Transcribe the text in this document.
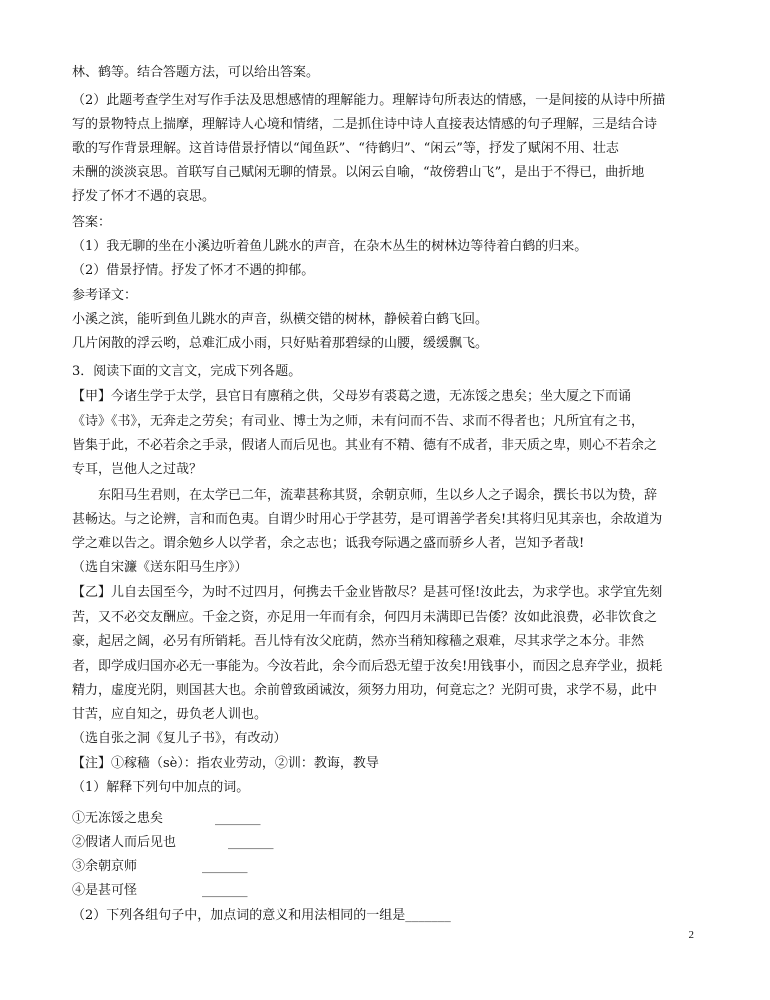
林、鹤等。结合答题方法，可以给出答案。
（2）此题考查学生对写作手法及思想感情的理解能力。理解诗句所表达的情感，一是间接的从诗中所描
写的景物特点上揣摩，理解诗人心境和情绪，二是抓住诗中诗人直接表达情感的句子理解，三是结合诗
歌的写作背景理解。这首诗借景抒情以“闻鱼跃”、“待鹤归”、“闲云”等，抒发了赋闲不用、壮志
未酬的淡淡哀思。首联写自己赋闲无聊的情景。以闲云自喻，“故傍碧山飞”，是出于不得已，曲折地
抒发了怀才不遇的哀思。
答案：
（1）我无聊的坐在小溪边听着鱼儿跳水的声音，在杂木丛生的树林边等待着白鹤的归来。
（2）借景抒情。抒发了怀才不遇的抑郁。
参考译文：
小溪之滨，能听到鱼儿跳水的声音，纵横交错的树林，静候着白鹤飞回。
几片闲散的浮云哟，总难汇成小雨，只好贴着那碧绿的山腰，缓缓飘飞。
3．阅读下面的文言文，完成下列各题。
【甲】今诸生学于太学，县官日有廪稍之供，父母岁有裘葛之遗，无冻馁之患矣；坐大厦之下而诵
《诗》《书》，无奔走之劳矣；有司业、博士为之师，未有问而不告、求而不得者也；凡所宜有之书，
皆集于此，不必若余之手录，假诸人而后见也。其业有不精、德有不成者，非天质之卑，则心不若余之
专耳，岂他人之过哉？
东阳马生君则，在太学已二年，流辈甚称其贤，余朝京师，生以乡人之子谒余，撰长书以为贽，辞
甚畅达。与之论辨，言和而色夷。自谓少时用心于学甚劳，是可谓善学者矣!其将归见其亲也，余故道为
学之难以告之。谓余勉乡人以学者，余之志也；诋我夸际遇之盛而骄乡人者，岂知予者哉!
（选自宋濂《送东阳马生序》）
【乙】儿自去国至今，为时不过四月，何携去千金业皆散尽？是甚可怪!汝此去，为求学也。求学宜先刻
苦，又不必交友酬应。千金之资，亦足用一年而有余，何四月未满即已告倭？汝如此浪费，必非饮食之
豪，起居之阔，必另有所销耗。吾儿恃有汝父庇荫，然亦当稍知稼穑之艰难，尽其求学之本分。非然
者，即学成归国亦必无一事能为。今汝若此，余今而后恐无望于汝矣!用钱事小，而因之息弃学业，损耗
精力，虚度光阴，则国甚大也。余前曾致函诫汝，须努力用功，何竟忘之？光阴可贵，求学不易，此中
甘苦，应自知之，毋负老人训也。
（选自张之洞《复儿子书》，有改动）
【注】①稼穑（sè）：指农业劳动，②训：教诲，教导
（1）解释下列句中加点的词。
①无冻馁之患矣　　　　_______
②假诸人而后见也　　　　_______
③余朝京师　　　　　_______
④是甚可怪　　　　　_______
（2）下列各组句子中，加点词的意义和用法相同的一组是_______
2
